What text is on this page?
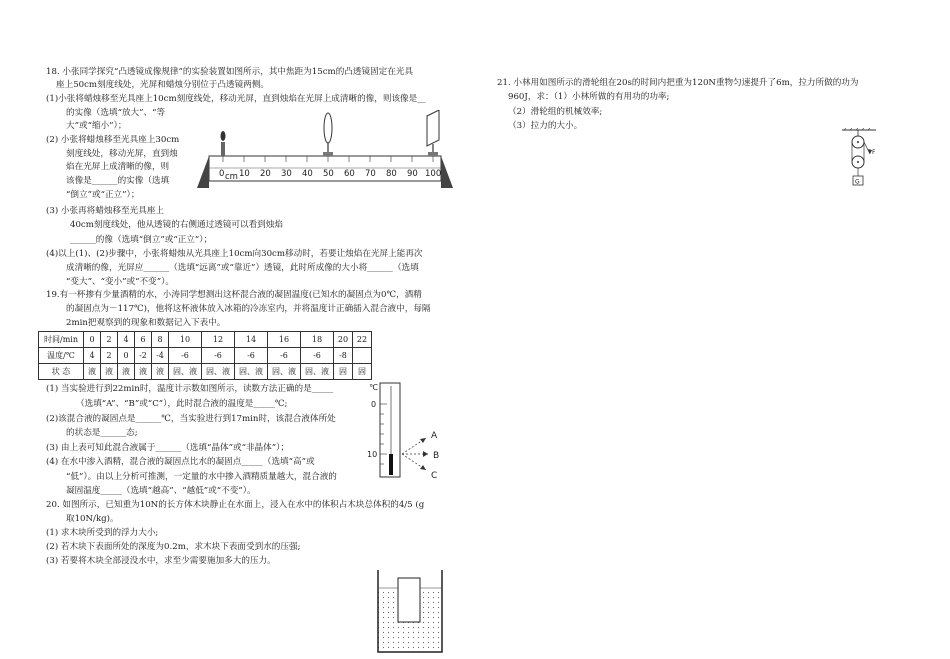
18. 小张同学探究“凸透镜成像规律”的实验装置如图所示，其中焦距为15cm的凸透镜固定在光具
座上50cm刻度线处，光屏和蜡烛分别位于凸透镜两侧。
(1)小张将蜡烛移至光具座上10cm刻度线处，移动光屏，直到烛焰在光屏上成清晰的像，则该像是__
的实像（选填“放大”、“等
大”或“缩小”）；
(2) 小张将蜡烛移至光具座上30cm
刻度线处，移动光屏，直到烛
焰在光屏上成清晰的像，则
该像是______的实像（选填
“倒立”或“正立”）；
(3) 小张再将蜡烛移至光具座上
40cm刻度线处，他从透镜的右侧通过透镜可以看到烛焰
______的像（选填“倒立”或“正立”）；
(4)以上(1)、(2)步骤中，小张将蜡烛从光具座上10cm向30cm移动时，若要让烛焰在光屏上能再次
成清晰的像，光屏应______（选填“远离”或“靠近”）透镜，此时所成像的大小将______（选填
“变大”、“变小”或“不变”）。
0 cm 10 20 30 40 50 60 70 80 90 100
19.有一杯掺有少量酒精的水，小涛同学想测出这杯混合液的凝固温度(已知水的凝固点为0℃，酒精
的凝固点为－117℃)，他将这杯液体放入冰箱的冷冻室内，并将温度计正确插入混合液中，每隔
2min把观察到的现象和数据记入下表中。
时间/min	0	2	4	6	8	10	12	14	16	18	20	22
温度/℃	4	2	0	-2	-4	-6	-6	-6	-6	-6	-8	
状 态	液	液	液	液	液	固、液	固、液	固、液	固、液	固、液	固	固
(1) 当实验进行到22min时，温度计示数如图所示，读数方法正确的是_____
（选填“A”、“B”或“C”），此时混合液的温度是_____℃;
(2)该混合液的凝固点是______℃，当实验进行到17min时，该混合液体所处
的状态是______态;
(3) 由上表可知此混合液属于______（选填“晶体”或“非晶体”）；
(4) 在水中渗入酒精，混合液的凝固点比水的凝固点_____（选填“高”或
“低”）。由以上分析可推测，一定量的水中掺入酒精质量越大，混合液的
凝固温度_____（选填“越高”、“越低”或“不变”）。
℃
0
10
A
B
C
20. 如图所示，已知重为10N的长方体木块静止在水面上，浸入在水中的体积占木块总体积的4/5 (g
取10N/kg)。
(1) 求木块所受到的浮力大小;
(2) 若木块下表面所处的深度为0.2m，求木块下表面受到水的压强;
(3) 若要将木块全部浸没水中，求至少需要施加多大的压力。
21. 小林用如图所示的滑轮组在20s的时间内把重为120N重物匀速提升了6m，拉力所做的功为
960J，求：（1）小林所做的有用功的功率;
（2）滑轮组的机械效率;
（3）拉力的大小。
F
G
